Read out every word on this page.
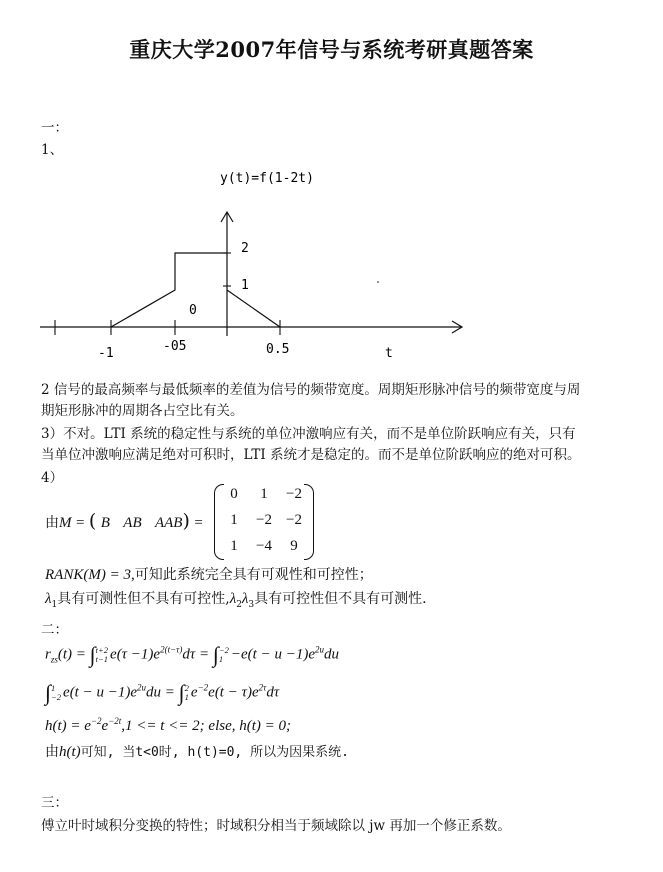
重庆大学2007年信号与系统考研真题答案
一：
1、
y(t)=f(1-2t)
2
1
0
-1	-05	0.5	t
2 信号的最高频率与最低频率的差值为信号的频带宽度。周期矩形脉冲信号的频带宽度与周
期矩形脉冲的周期各占空比有关。
3）不对。LTI 系统的稳定性与系统的单位冲激响应有关，而不是单位阶跃响应有关，只有
当单位冲激响应满足绝对可积时，LTI 系统才是稳定的。而不是单位阶跃响应的绝对可积。
4）
由M = ( B AB AAB) =
0	1	−2
1	−2 −2
1	−4	9
RANK(M) = 3,可知此系统完全具有可观性和可控性；
$\lambda_1$具有可测性但不具有可控性$,\lambda_2\lambda_3$具有可控性但不具有可测性.
二：
$r_{zs}(t) = \int t+2$
t−1 $e(\tau -1)e^{2(t-\tau)}d\tau = \int-2$
$1 -e(t - u -1)e^{2u}du$
∫1
−2 $e(t - u -1)e^{2u}du = \int 2$
1 $e^{-2}e(t - \tau)e^{2\tau}d\tau$
$h(t) = e^{-2}e^{-2t},1 <= t <= 2$; else, h(t) = 0;
由h(t)可知, 当t<0时, h(t)=0, 所以为因果系统.
三：
傅立叶时域积分变换的特性；时域积分相当于频域除以 jw 再加一个修正系数。
